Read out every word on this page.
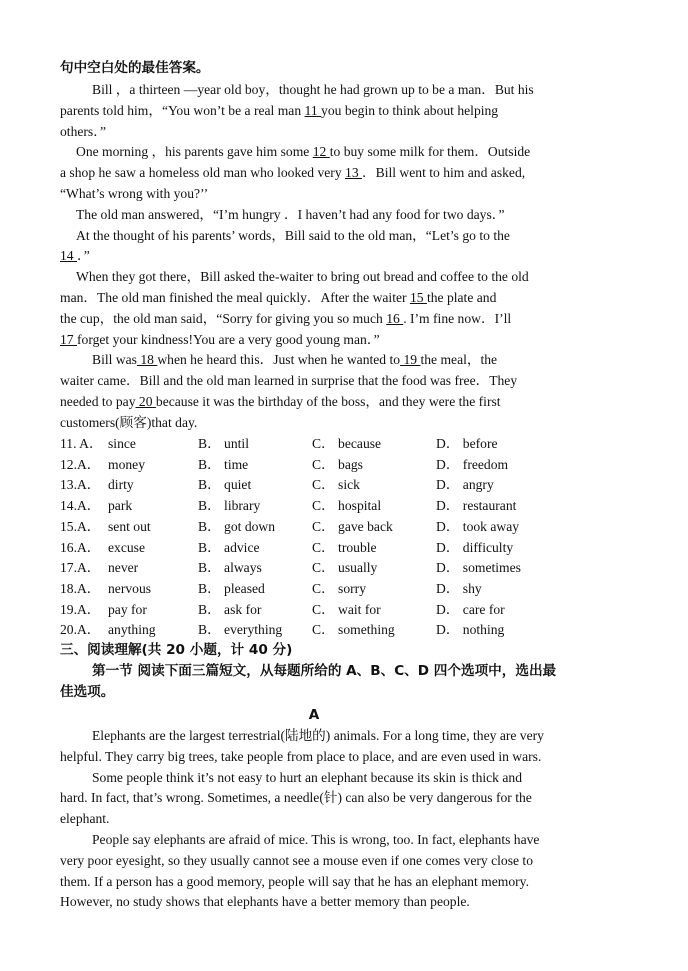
句中空白处的最佳答案。
Bill ，a thirteen —year old boy，thought he had grown up to be a man．But his
parents told him，“You won’t be a real man 11 you begin to think about helping
others．”
One morning ，his parents gave him some 12 to buy some milk for them．Outside
a shop he saw a homeless old man who looked very 13 ．Bill went to him and asked,
“What’s wrong with you?’’
The old man answered，“I’m hungry ．I haven’t had any food for two days．”
At the thought of his parents’ words，Bill said to the old man，“Let’s go to the
14 ．”
When they got there，Bill asked the-waiter to bring out bread and coffee to the old
man．The old man finished the meal quickly．After the waiter 15 the plate and
the cup，the old man said，“Sorry for giving you so much 16 . I’m fine now．I’ll
17 forget your kindness!You are a very good young man．”
Bill was 18 when he heard this．Just when he wanted to 19 the meal，the
waiter came．Bill and the old man learned in surprise that the food was free．They
needed to pay 20 because it was the birthday of the boss，and they were the first
customers(顾客)that day.
11. A． since	B． until	C． because	D． before
12.A． money	B． time	C． bags	D． freedom
13.A． dirty	B． quiet	C． sick	D． angry
14.A． park	B． library	C． hospital	D． restaurant
15.A． sent out	B． got down	C． gave back	D． took away
16.A． excuse	B． advice	C． trouble	D． difficulty
17.A． never	B． always	C． usually	D． sometimes
18.A． nervous	B． pleased	C． sorry	D． shy
19.A． pay for	B． ask for	C． wait for	D． care for
20.A． anything	B． everything C． something	D． nothing
三、阅读理解(共 20 小题，计 40 分)
第一节 阅读下面三篇短文，从每题所给的 A、B、C、D 四个选项中，选出最
佳选项。
A
Elephants are the largest terrestrial(陆地的) animals. For a long time, they are very
helpful. They carry big trees, take people from place to place, and are even used in wars.
Some people think it’s not easy to hurt an elephant because its skin is thick and
hard. In fact, that’s wrong. Sometimes, a needle(针) can also be very dangerous for the
elephant.
People say elephants are afraid of mice. This is wrong, too. In fact, elephants have
very poor eyesight, so they usually cannot see a mouse even if one comes very close to
them. If a person has a good memory, people will say that he has an elephant memory.
However, no study shows that elephants have a better memory than people.
